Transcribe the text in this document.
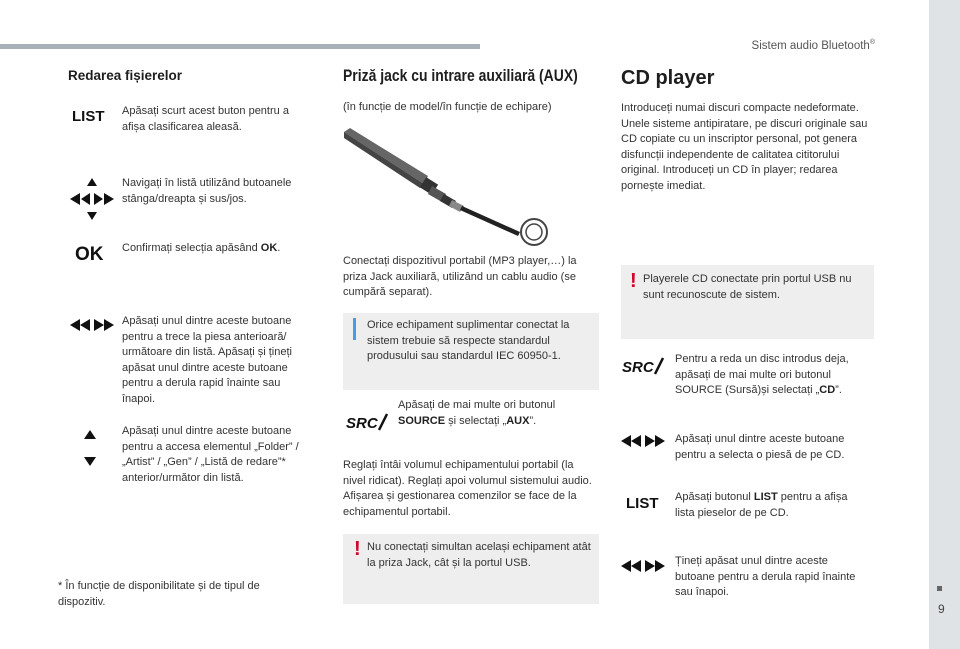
Sistem audio Bluetooth®
9
Redarea fișierelor
LIST Apăsați scurt acest buton pentru a afișa clasificarea aleasă.
Navigați în listă utilizând butoanele stânga/dreapta și sus/jos.
OK Confirmați selecția apăsând OK.
Apăsați unul dintre aceste butoane pentru a trece la piesa anterioară/ următoare din listă. Apăsați și țineți apăsat unul dintre aceste butoane pentru a derula rapid înainte sau înapoi.
Apăsați unul dintre aceste butoane pentru a accesa elementul „Folder” / „Artist” / „Gen” / „Listă de redare”* anterior/următor din listă.
* În funcție de disponibilitate și de tipul de dispozitiv.
Priză jack cu intrare auxiliară (AUX)
(în funcție de model/în funcție de echipare)
Conectați dispozitivul portabil (MP3 player,…) la priza Jack auxiliară, utilizând un cablu audio (se cumpără separat).
Orice echipament suplimentar conectat la sistem trebuie să respecte standardul produsului sau standardul IEC 60950-1.
SRC
Apăsați de mai multe ori butonul SOURCE și selectați „AUX”.
Reglați întâi volumul echipamentului portabil (la nivel ridicat). Reglați apoi volumul sistemului audio. Afișarea și gestionarea comenzilor se face de la echipamentul portabil.
! Nu conectați simultan același echipament atât la priza Jack, cât și la portul USB.
CD player
Introduceți numai discuri compacte nedeformate. Unele sisteme antipiratare, pe discuri originale sau CD copiate cu un inscriptor personal, pot genera disfuncții independente de calitatea cititorului original. Introduceți un CD în player; redarea pornește imediat.
! Playerele CD conectate prin portul USB nu sunt recunoscute de sistem.
SRC Pentru a reda un disc introdus deja, apăsați de mai multe ori butonul SOURCE (Sursă)și selectați „CD”.
Apăsați unul dintre aceste butoane pentru a selecta o piesă de pe CD.
LIST Apăsați butonul LIST pentru a afișa lista pieselor de pe CD.
Țineți apăsat unul dintre aceste butoane pentru a derula rapid înainte sau înapoi.
